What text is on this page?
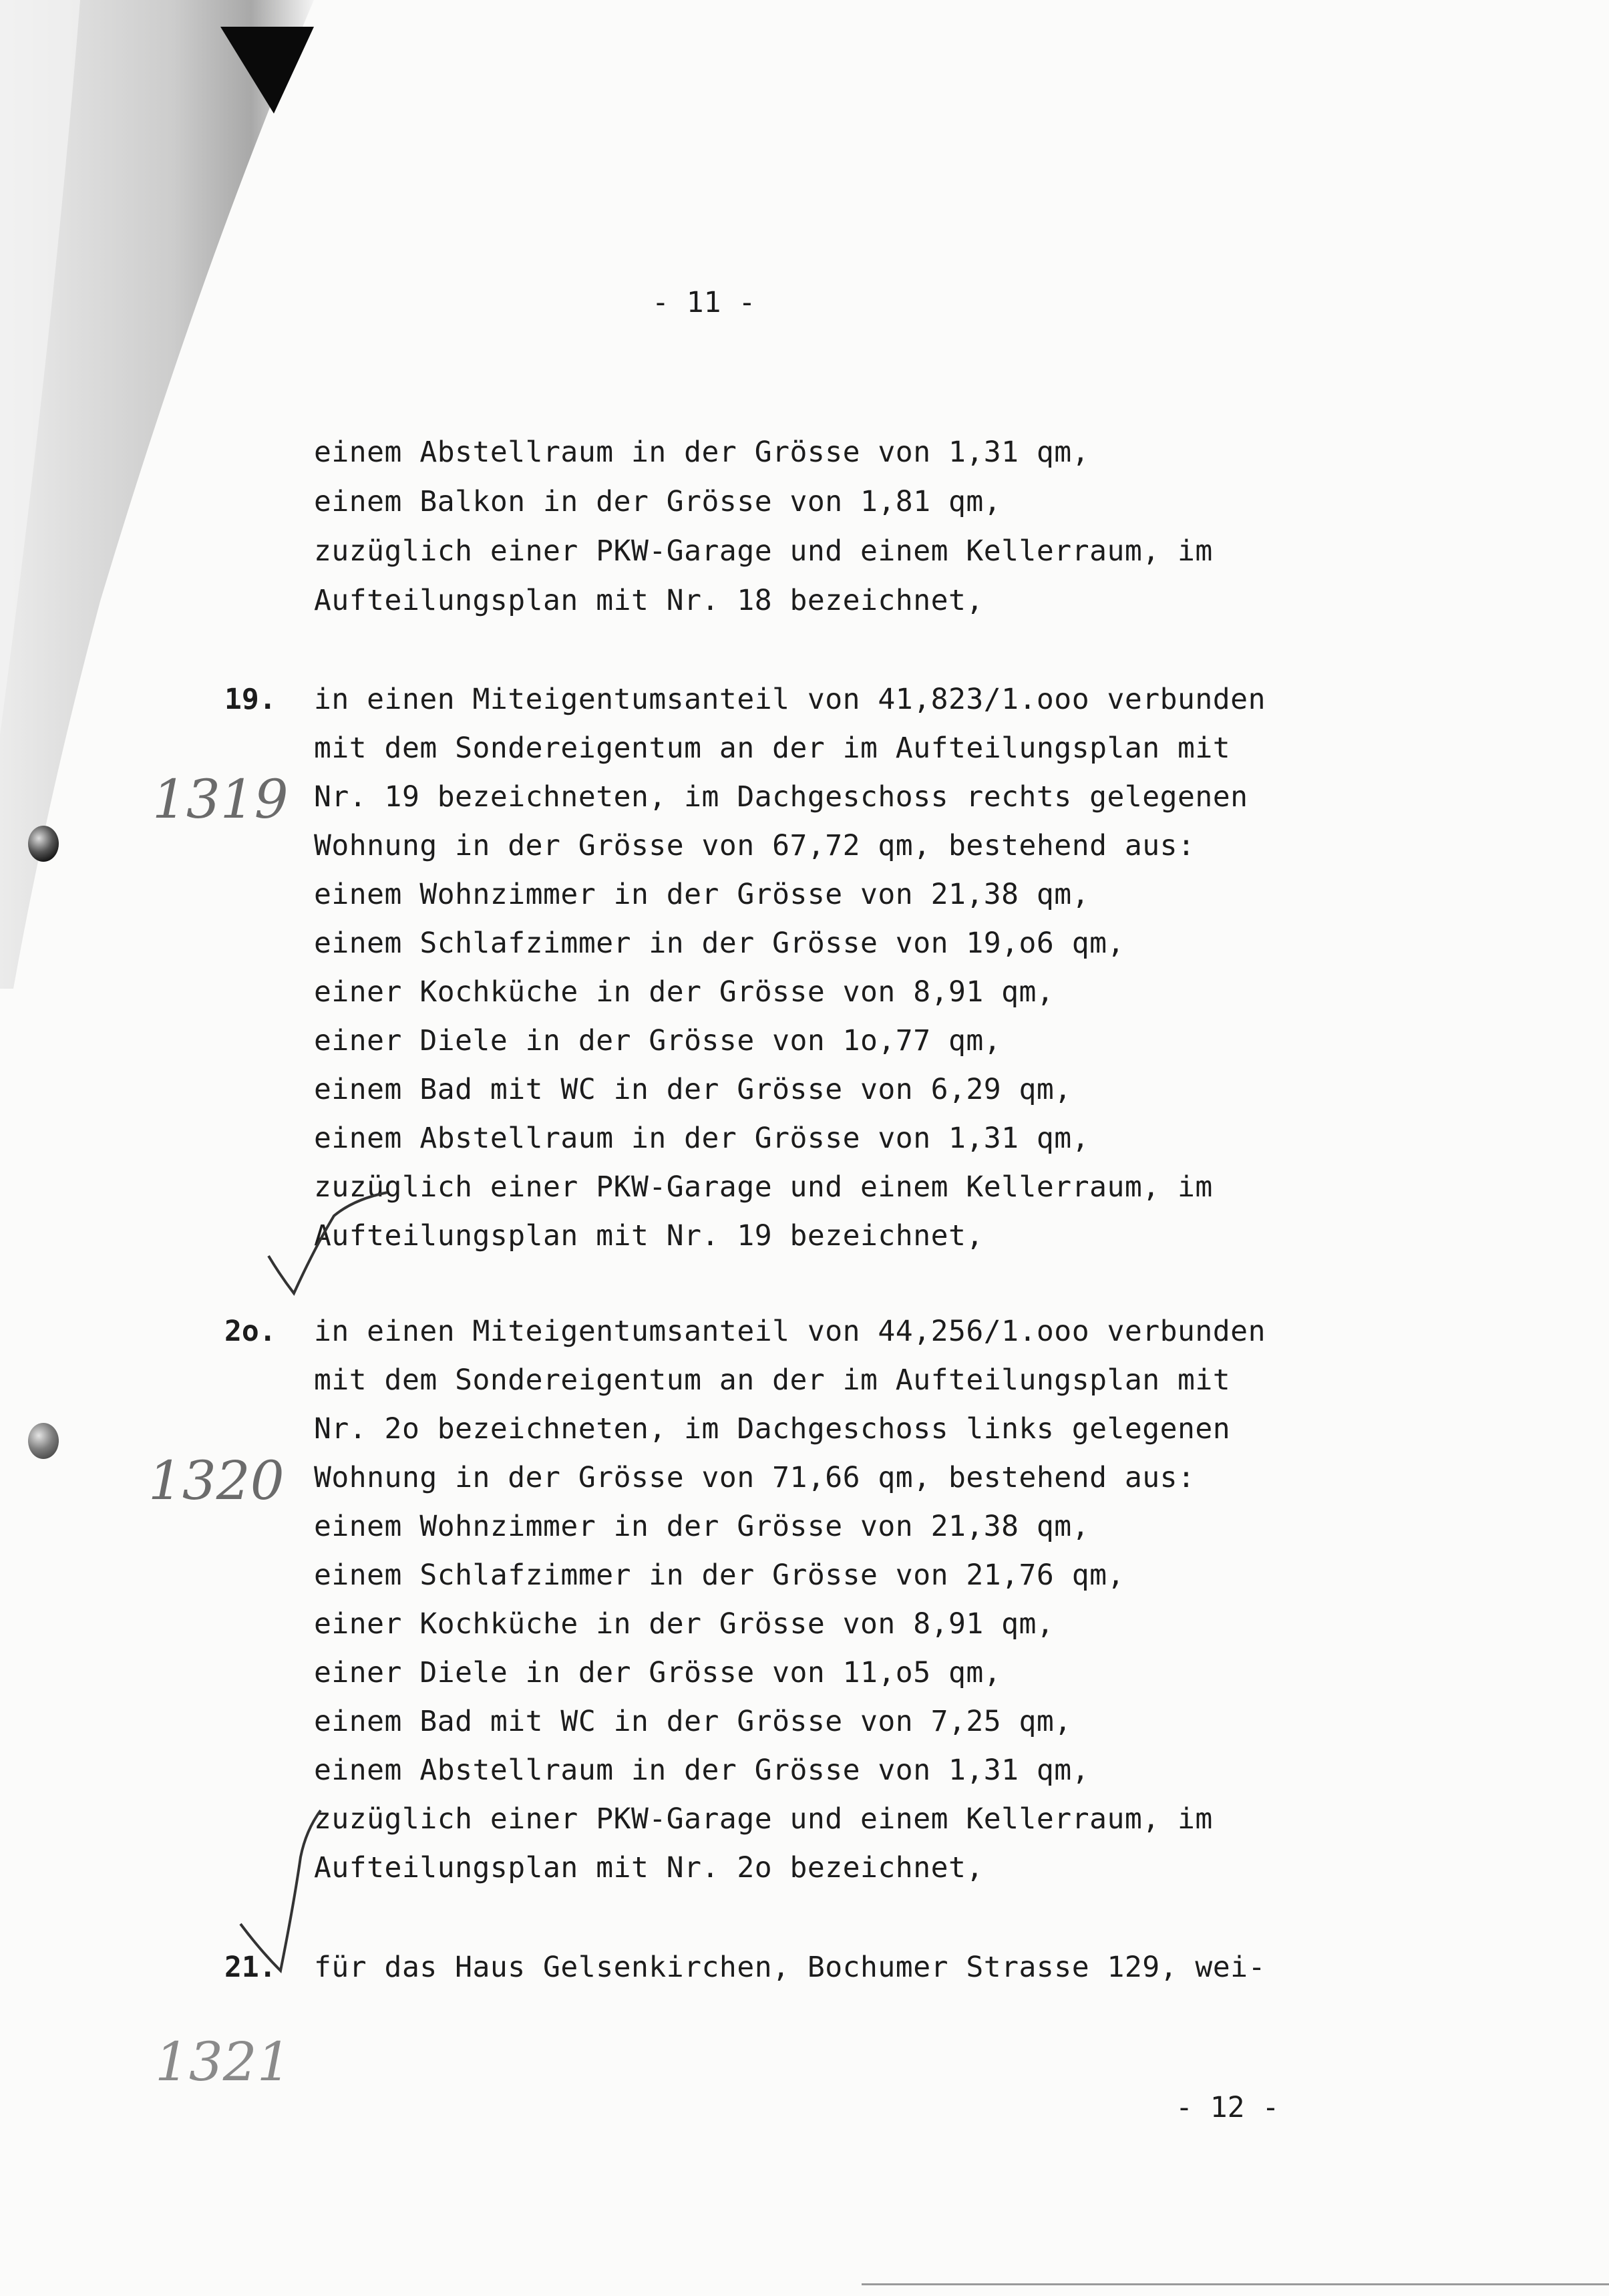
- 11 -
einem Abstellraum in der Grösse von 1,31 qm,
einem Balkon in der Grösse von 1,81 qm,
zuzüglich einer PKW-Garage und einem Kellerraum, im
Aufteilungsplan mit Nr. 18 bezeichnet,
19. in einen Miteigentumsanteil von 41,823/1.ooo verbunden
mit dem Sondereigentum an der im Aufteilungsplan mit
Nr. 19 bezeichneten, im Dachgeschoss rechts gelegenen
Wohnung in der Grösse von 67,72 qm, bestehend aus:
einem Wohnzimmer in der Grösse von 21,38 qm,
einem Schlafzimmer in der Grösse von 19,o6 qm,
einer Kochküche in der Grösse von 8,91 qm,
einer Diele in der Grösse von 1o,77 qm,
einem Bad mit WC in der Grösse von 6,29 qm,
einem Abstellraum in der Grösse von 1,31 qm,
zuzüglich einer PKW-Garage und einem Kellerraum, im
Aufteilungsplan mit Nr. 19 bezeichnet,
2o. in einen Miteigentumsanteil von 44,256/1.ooo verbunden
mit dem Sondereigentum an der im Aufteilungsplan mit
Nr. 2o bezeichneten, im Dachgeschoss links gelegenen
Wohnung in der Grösse von 71,66 qm, bestehend aus:
einem Wohnzimmer in der Grösse von 21,38 qm,
einem Schlafzimmer in der Grösse von 21,76 qm,
einer Kochküche in der Grösse von 8,91 qm,
einer Diele in der Grösse von 11,o5 qm,
einem Bad mit WC in der Grösse von 7,25 qm,
einem Abstellraum in der Grösse von 1,31 qm,
zuzüglich einer PKW-Garage und einem Kellerraum, im
Aufteilungsplan mit Nr. 2o bezeichnet,
21. für das Haus Gelsenkirchen, Bochumer Strasse 129, wei-
- 12 -
1319
1320
1321
